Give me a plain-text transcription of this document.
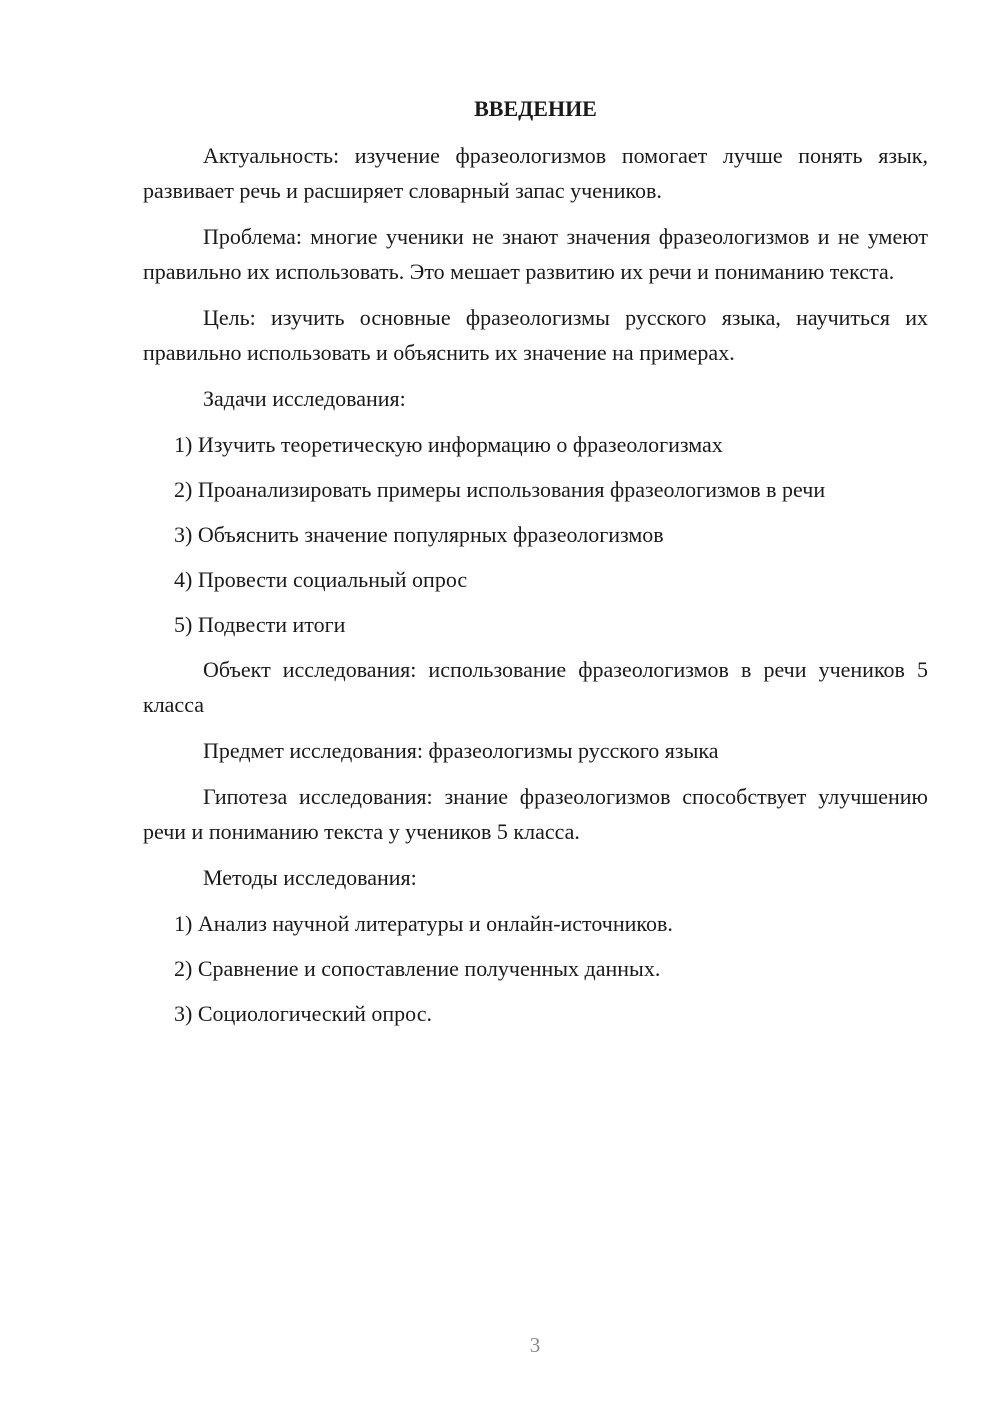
ВВЕДЕНИЕ

Актуальность: изучение фразеологизмов помогает лучше понять язык, развивает речь и расширяет словарный запас учеников.

Проблема: многие ученики не знают значения фразеологизмов и не умеют правильно их использовать. Это мешает развитию их речи и пониманию текста.

Цель: изучить основные фразеологизмы русского языка, научиться их правильно использовать и объяснить их значение на примерах.

Задачи исследования:

1) Изучить теоретическую информацию о фразеологизмах
2) Проанализировать примеры использования фразеологизмов в речи
3) Объяснить значение популярных фразеологизмов
4) Провести социальный опрос
5) Подвести итоги

Объект исследования: использование фразеологизмов в речи учеников 5 класса

Предмет исследования: фразеологизмы русского языка

Гипотеза исследования: знание фразеологизмов способствует улучшению речи и пониманию текста у учеников 5 класса.

Методы исследования:

1) Анализ научной литературы и онлайн-источников.
2) Сравнение и сопоставление полученных данных.
3) Социологический опрос.
3
